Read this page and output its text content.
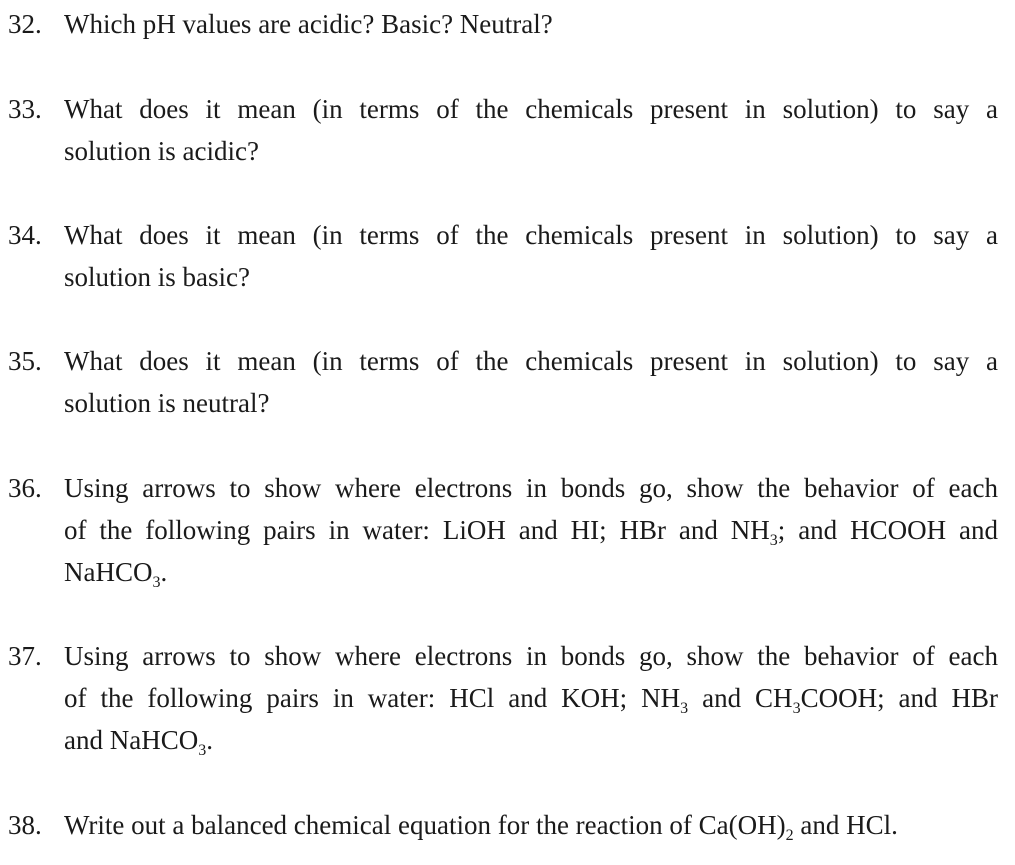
32. Which pH values are acidic? Basic? Neutral?
33. What does it mean (in terms of the chemicals present in solution) to say a
solution is acidic?
34. What does it mean (in terms of the chemicals present in solution) to say a
solution is basic?
35. What does it mean (in terms of the chemicals present in solution) to say a
solution is neutral?
36. Using arrows to show where electrons in bonds go, show the behavior of each
of the following pairs in water: LiOH and HI; HBr and $NH_3$; and HCOOH and
NaHCO$_3$.
37. Using arrows to show where electrons in bonds go, show the behavior of each
of the following pairs in water: HCl and KOH; $NH_3$ and $CH_3COOH$; and HBr
and NaHCO$_3$.
38. Write out a balanced chemical equation for the reaction of $Ca(OH)_2$ and HCl.
